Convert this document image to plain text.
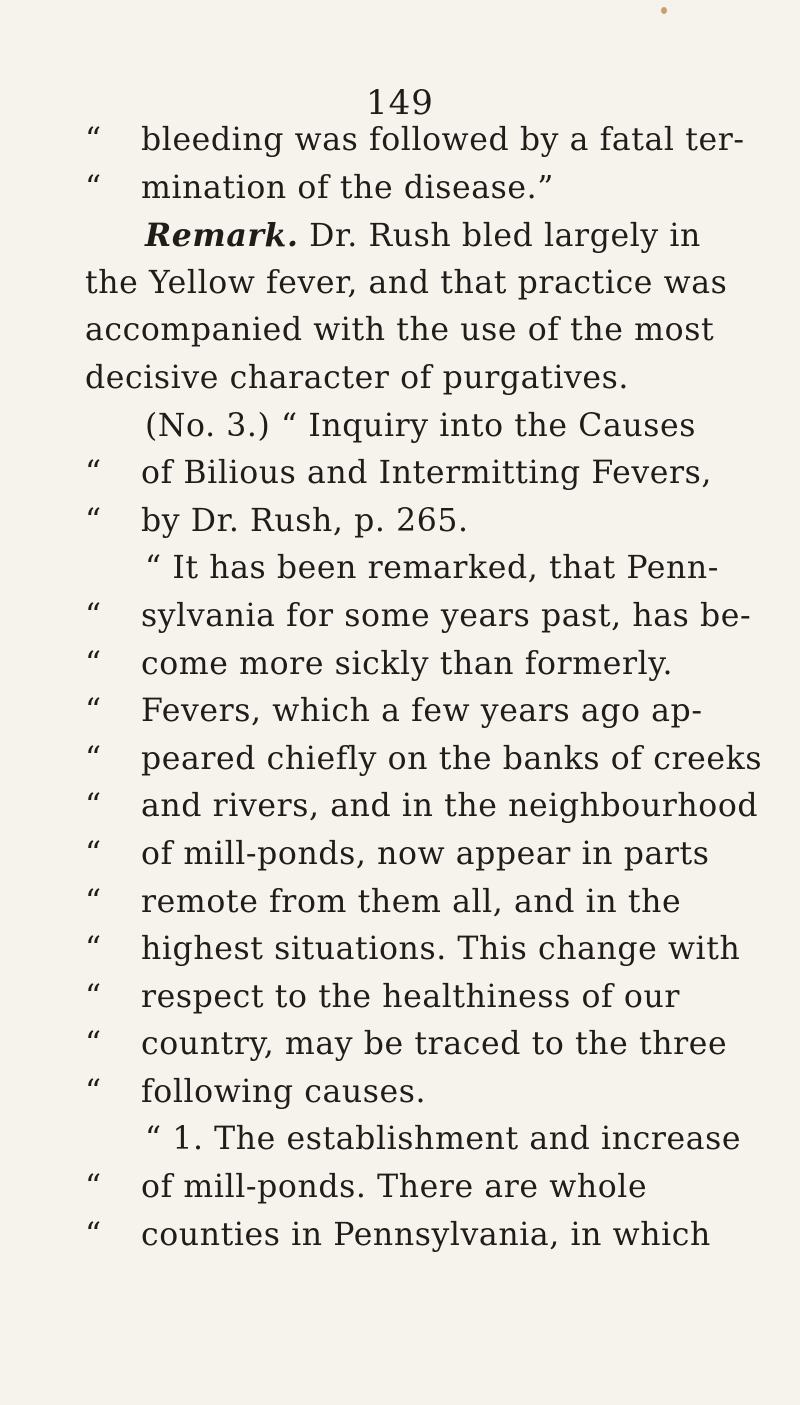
149
“ bleeding was followed by a fatal ter-
“ mination of the disease.”
Remark. Dr. Rush bled largely in
the Yellow fever, and that practice was
accompanied with the use of the most
decisive character of purgatives.
(No. 3.) “ Inquiry into the Causes
“ of Bilious and Intermitting Fevers,
“ by Dr. Rush, p. 265.
“ It has been remarked, that Penn-
“ sylvania for some years past, has be-
“ come more sickly than formerly.
“ Fevers, which a few years ago ap-
“ peared chiefly on the banks of creeks
“ and rivers, and in the neighbourhood
“ of mill-ponds, now appear in parts
“ remote from them all, and in the
“ highest situations. This change with
“ respect to the healthiness of our
“ country, may be traced to the three
“ following causes.
“ 1. The establishment and increase
“ of mill-ponds. There are whole
“ counties in Pennsylvania, in which
